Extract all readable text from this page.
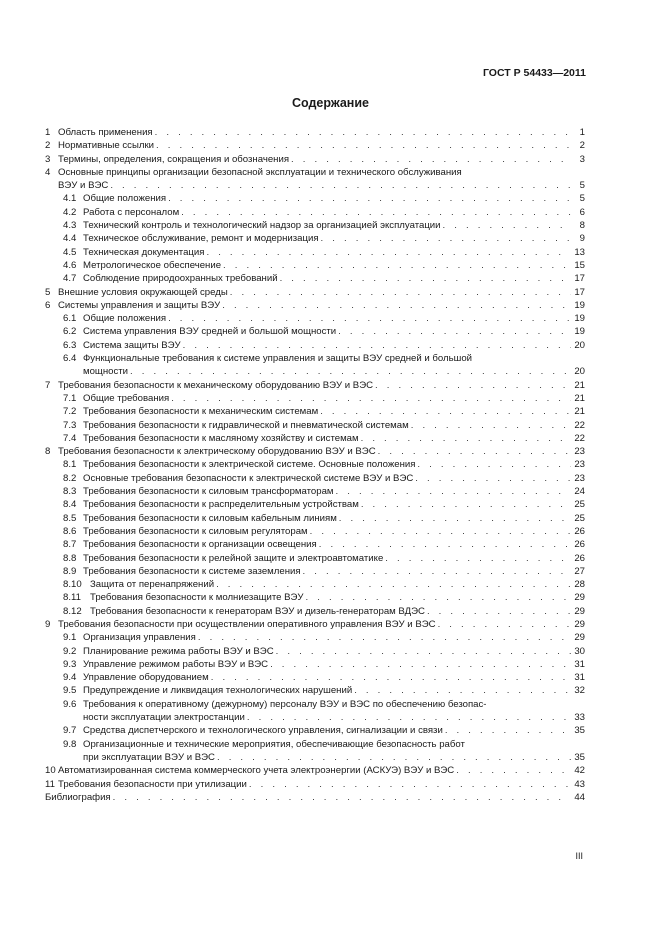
ГОСТ Р 54433—2011
Содержание
1 Область применения . . .	1
2 Нормативные ссылки . . .	2
3 Термины, определения, сокращения и обозначения . . .	3
4 Основные принципы организации безопасной эксплуатации и технического обслуживания
ВЭУ и ВЭС . . .	5
4.1 Общие положения . . .	5
4.2 Работа с персоналом . . .	6
4.3 Технический контроль и технологический надзор за организацией эксплуатации . . .	8
4.4 Техническое обслуживание, ремонт и модернизация . . .	9
4.5 Техническая документация . . .	13
4.6 Метрологическое обеспечение . . .	15
4.7 Соблюдение природоохранных требований . . .	17
5 Внешние условия окружающей среды . . .	17
6 Системы управления и защиты ВЭУ . . .	19
6.1 Общие положения . . .	19
6.2 Система управления ВЭУ средней и большой мощности . . .	19
6.3 Система защиты ВЭУ . . .	20
6.4 Функциональные требования к системе управления и защиты ВЭУ средней и большой
мощности . . .	20
7 Требования безопасности к механическому оборудованию ВЭУ и ВЭС . . .	21
7.1 Общие требования . . .	21
7.2 Требования безопасности к механическим системам . . .	21
7.3 Требования безопасности к гидравлической и пневматической системам . . .	22
7.4 Требования безопасности к масляному хозяйству и системам . . .	22
8 Требования безопасности к электрическому оборудованию ВЭУ и ВЭС . . .	23
8.1 Требования безопасности к электрической системе. Основные положения . . .	23
8.2 Основные требования безопасности к электрической системе ВЭУ и ВЭС . . .	23
8.3 Требования безопасности к силовым трансформаторам . . .	24
8.4 Требования безопасности к распределительным устройствам . . .	25
8.5 Требования безопасности к силовым кабельным линиям . . .	25
8.6 Требования безопасности к силовым регуляторам . . .	26
8.7 Требования безопасности к организации освещения . . .	26
8.8 Требования безопасности к релейной защите и электроавтоматике . . .	26
8.9 Требования безопасности к системе заземления . . .	27
8.10 Защита от перенапряжений . . .	28
8.11 Требования безопасности к молниезащите ВЭУ . . .	29
8.12 Требования безопасности к генераторам ВЭУ и дизель-генераторам ВДЭС . . .	29
9 Требования безопасности при осуществлении оперативного управления ВЭУ и ВЭС . . .	29
9.1 Организация управления . . .	29
9.2 Планирование режима работы ВЭУ и ВЭС . . .	30
9.3 Управление режимом работы ВЭУ и ВЭС . . .	31
9.4 Управление оборудованием . . .	31
9.5 Предупреждение и ликвидация технологических нарушений . . .	32
9.6 Требования к оперативному (дежурному) персоналу ВЭУ и ВЭС по обеспечению безопас-
ности эксплуатации электростанции . . .	33
9.7 Средства диспетчерского и технологического управления, сигнализации и связи . . .	35
9.8 Организационные и технические мероприятия, обеспечивающие безопасность работ
при эксплуатации ВЭУ и ВЭС . . .	35
10 Автоматизированная система коммерческого учета электроэнергии (АСКУЭ) ВЭУ и ВЭС . . .	42
11 Требования безопасности при утилизации . . .	43
Библиография . . .	44
III
